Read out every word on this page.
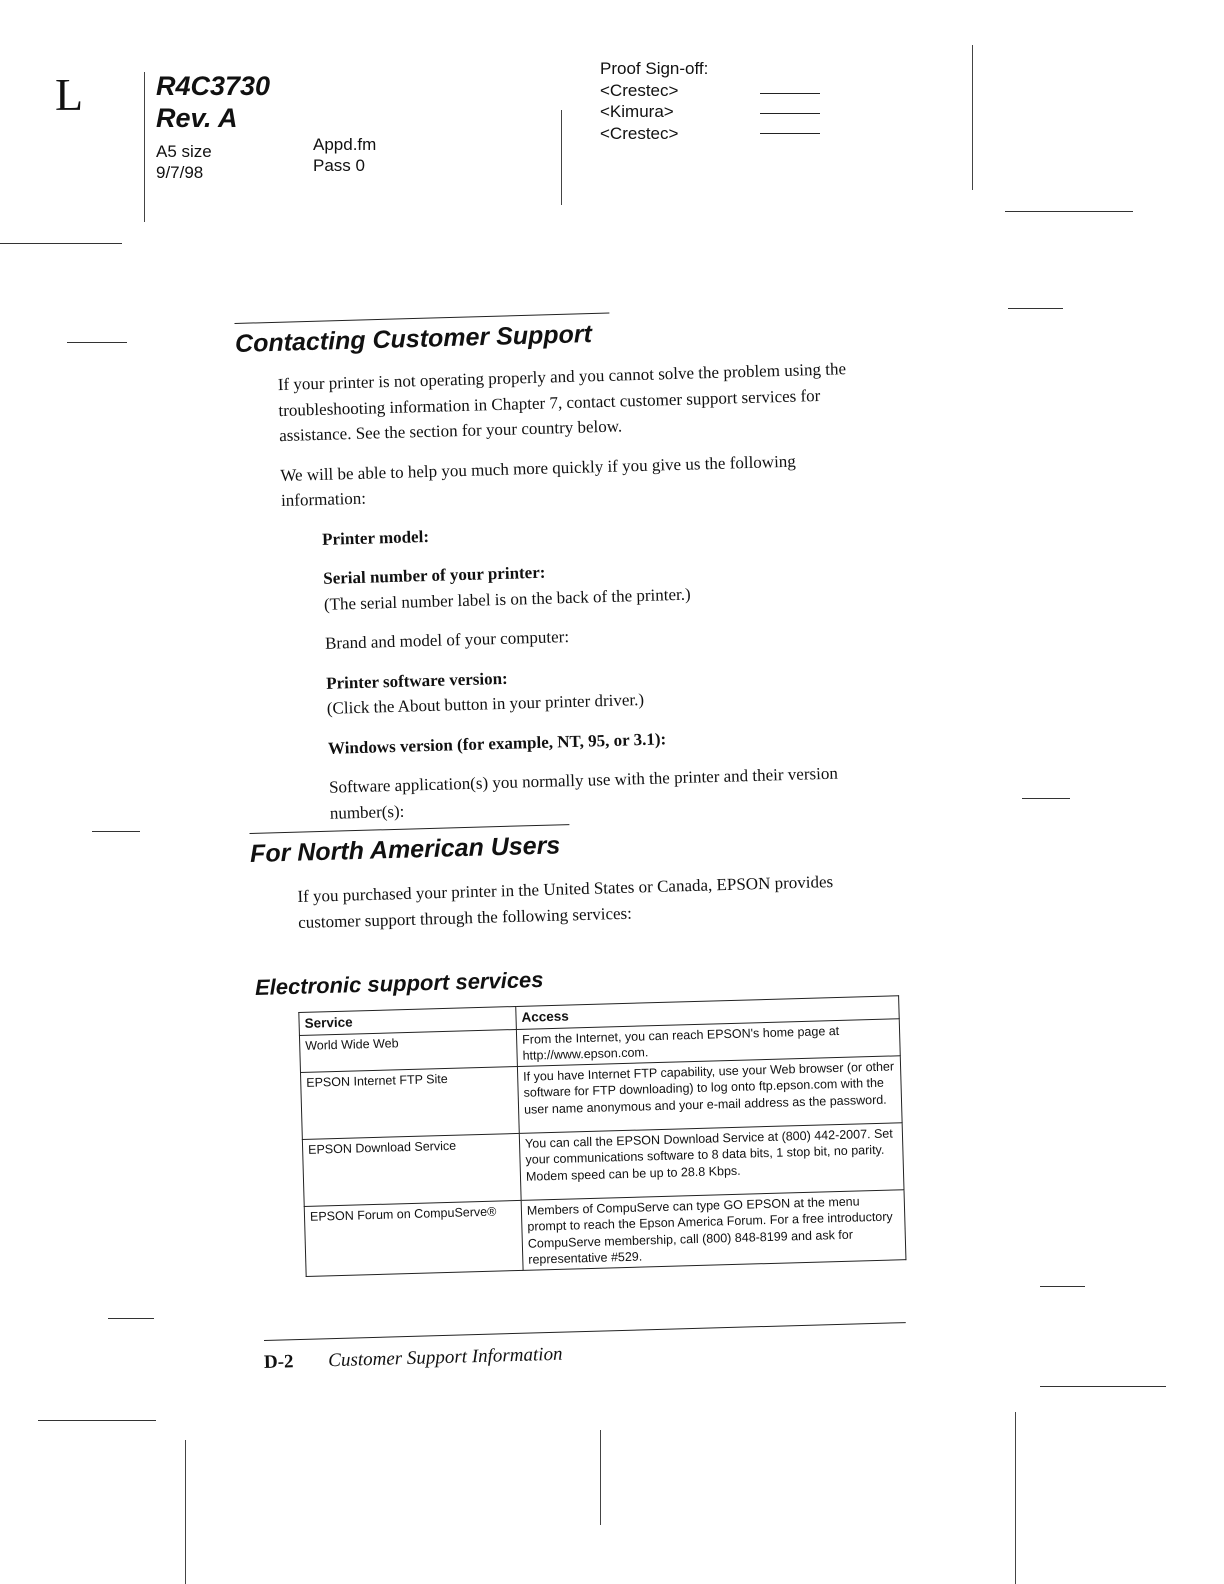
L	R4C3730
Rev. A
A5 size
9/7/98
Appd.fm
Pass 0
Proof Sign-off:
<Crestec>
<Kimura>
<Crestec>
Contacting Customer Support

If your printer is not operating properly and you cannot solve the problem using the troubleshooting information in Chapter 7, contact customer support services for assistance. See the section for your country below.

We will be able to help you much more quickly if you give us the following information:

Printer model:
Serial number of your printer:
(The serial number label is on the back of the printer.)
Brand and model of your computer:
Printer software version:
(Click the About button in your printer driver.)
Windows version (for example, NT, 95, or 3.1):
Software application(s) you normally use with the printer and their version number(s):
For North American Users

If you purchased your printer in the United States or Canada, EPSON provides customer support through the following services:

Electronic support services
Service	Access
World Wide Web	From the Internet, you can reach EPSON's home page at http://www.epson.com.
EPSON Internet FTP Site	If you have Internet FTP capability, use your Web browser (or other software for FTP downloading) to log onto ftp.epson.com with the user name anonymous and your e-mail address as the password.
EPSON Download Service	You can call the EPSON Download Service at (800) 442-2007. Set your communications software to 8 data bits, 1 stop bit, no parity. Modem speed can be up to 28.8 Kbps.
EPSON Forum on CompuServe®	Members of CompuServe can type GO EPSON at the menu prompt to reach the Epson America Forum. For a free introductory CompuServe membership, call (800) 848-8199 and ask for representative #529.
D-2 Customer Support Information
